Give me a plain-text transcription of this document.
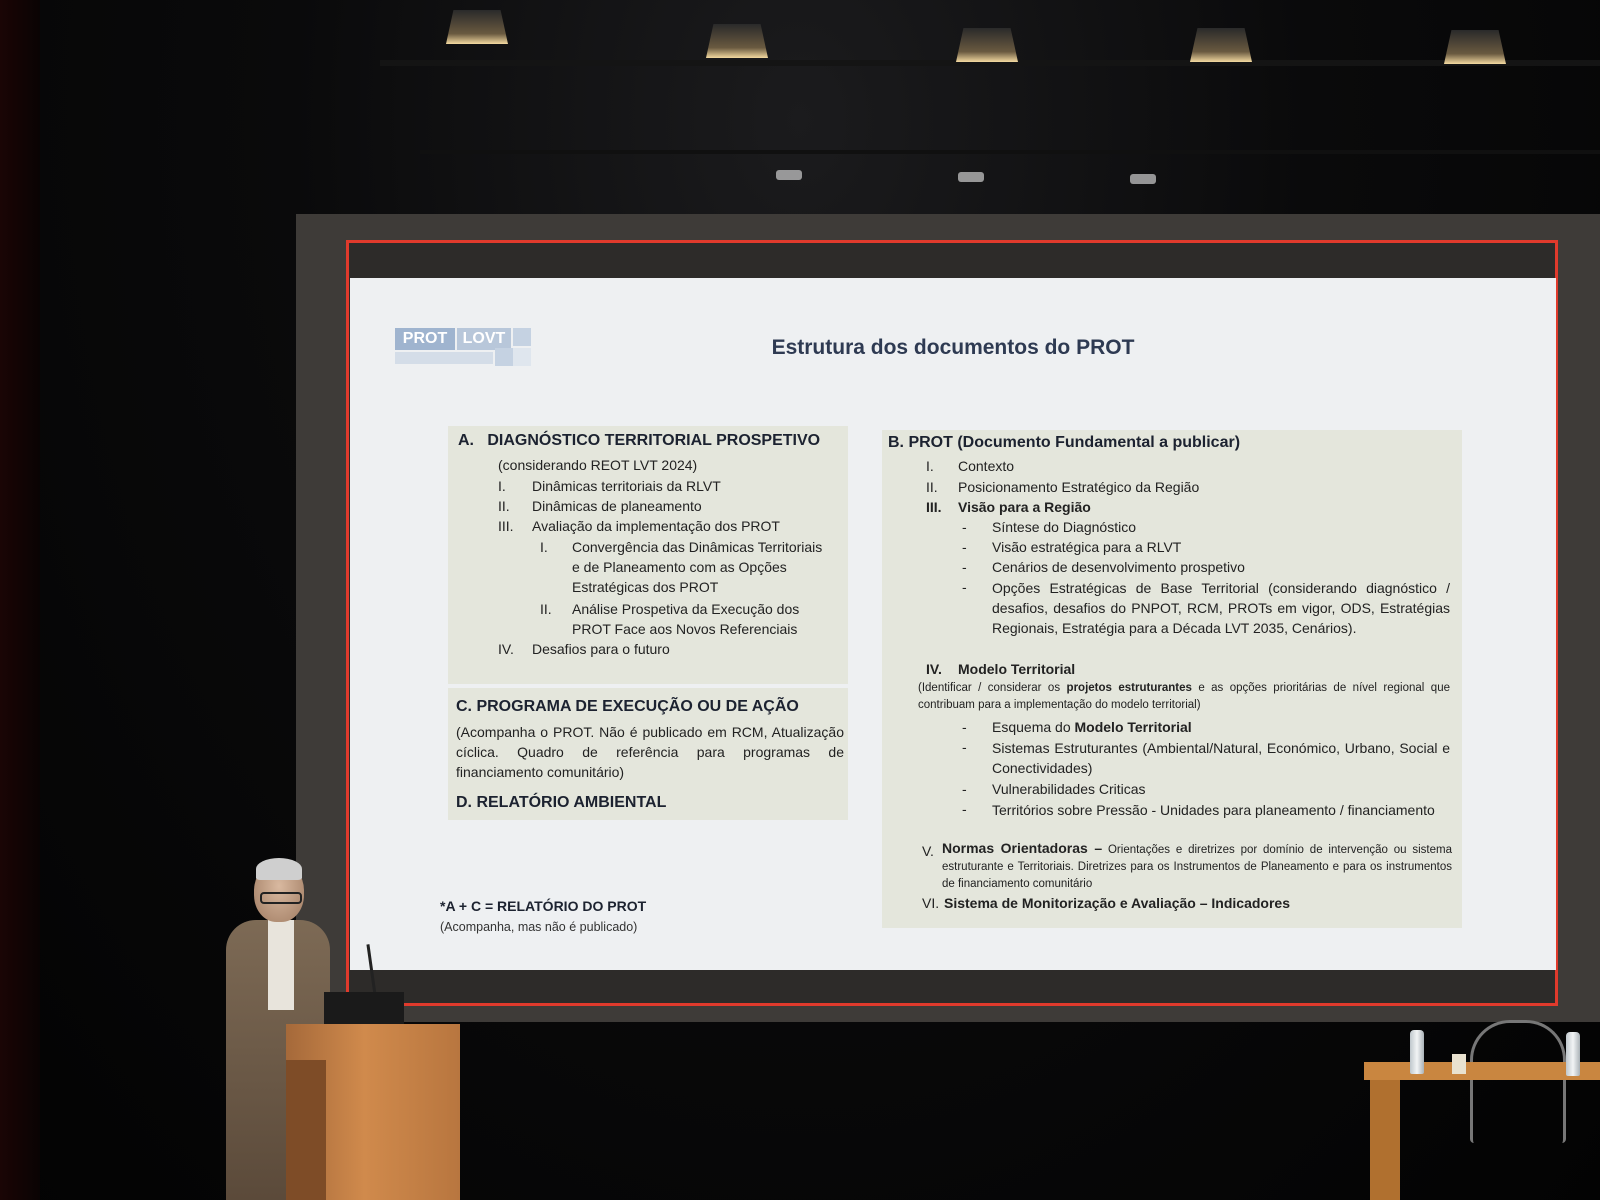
PROT LOVT	Estrutura dos documentos do PROT
A.   DIAGNÓSTICO TERRITORIAL PROSPETIVO
(considerando REOT LVT 2024)
I. Dinâmicas territoriais da RLVT
II. Dinâmicas de planeamento
III. Avaliação da implementação dos PROT
I. Convergência das Dinâmicas Territoriais
e de Planeamento com as Opções
Estratégicas dos PROT
II. Análise Prospetiva da Execução dos
PROT Face aos Novos Referenciais
IV. Desafios para o futuro
C. PROGRAMA DE EXECUÇÃO OU DE AÇÃO
(Acompanha o PROT. Não é publicado em RCM, Atualização cíclica. Quadro de referência para programas de financiamento comunitário)
D. RELATÓRIO AMBIENTAL
*A + C = RELATÓRIO DO PROT
(Acompanha, mas não é publicado)
B. PROT (Documento Fundamental a publicar)
I. Contexto
II. Posicionamento Estratégico da Região
III. Visão para a Região
- Síntese do Diagnóstico
- Visão estratégica para a RLVT
- Cenários de desenvolvimento prospetivo
- Opções Estratégicas de Base Territorial (considerando diagnóstico / desafios, desafios do PNPOT, RCM, PROTs em vigor, ODS, Estratégias Regionais, Estratégia para a Década LVT 2035, Cenários).
IV. Modelo Territorial
(Identificar / considerar os projetos estruturantes e as opções prioritárias de nível regional que contribuam para a implementação do modelo territorial)
- Esquema do Modelo Territorial
- Sistemas Estruturantes (Ambiental/Natural, Económico, Urbano, Social e Conectividades)
- Vulnerabilidades Criticas
- Territórios sobre Pressão - Unidades para planeamento / financiamento
V. Normas Orientadoras – Orientações e diretrizes por domínio de intervenção ou sistema estruturante e Territoriais. Diretrizes para os Instrumentos de Planeamento e para os instrumentos de financiamento comunitário
VI. Sistema de Monitorização e Avaliação – Indicadores
